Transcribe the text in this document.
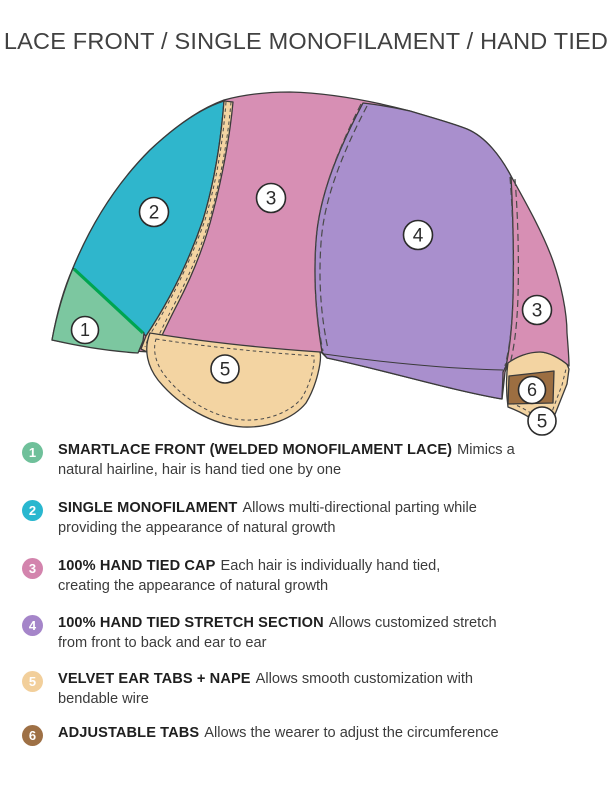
LACE FRONT / SINGLE MONOFILAMENT / HAND TIED
1
2
3
4
3
5
6
5
1 SMARTLACE FRONT (WELDED MONOFILAMENT LACE) Mimics a
natural hairline, hair is hand tied one by one
2 SINGLE MONOFILAMENT Allows multi-directional parting while
providing the appearance of natural growth
3 100% HAND TIED CAP Each hair is individually hand tied,
creating the appearance of natural growth
4 100% HAND TIED STRETCH SECTION Allows customized stretch
from front to back and ear to ear
5 VELVET EAR TABS + NAPE Allows smooth customization with
bendable wire
6 ADJUSTABLE TABS Allows the wearer to adjust the circumference
